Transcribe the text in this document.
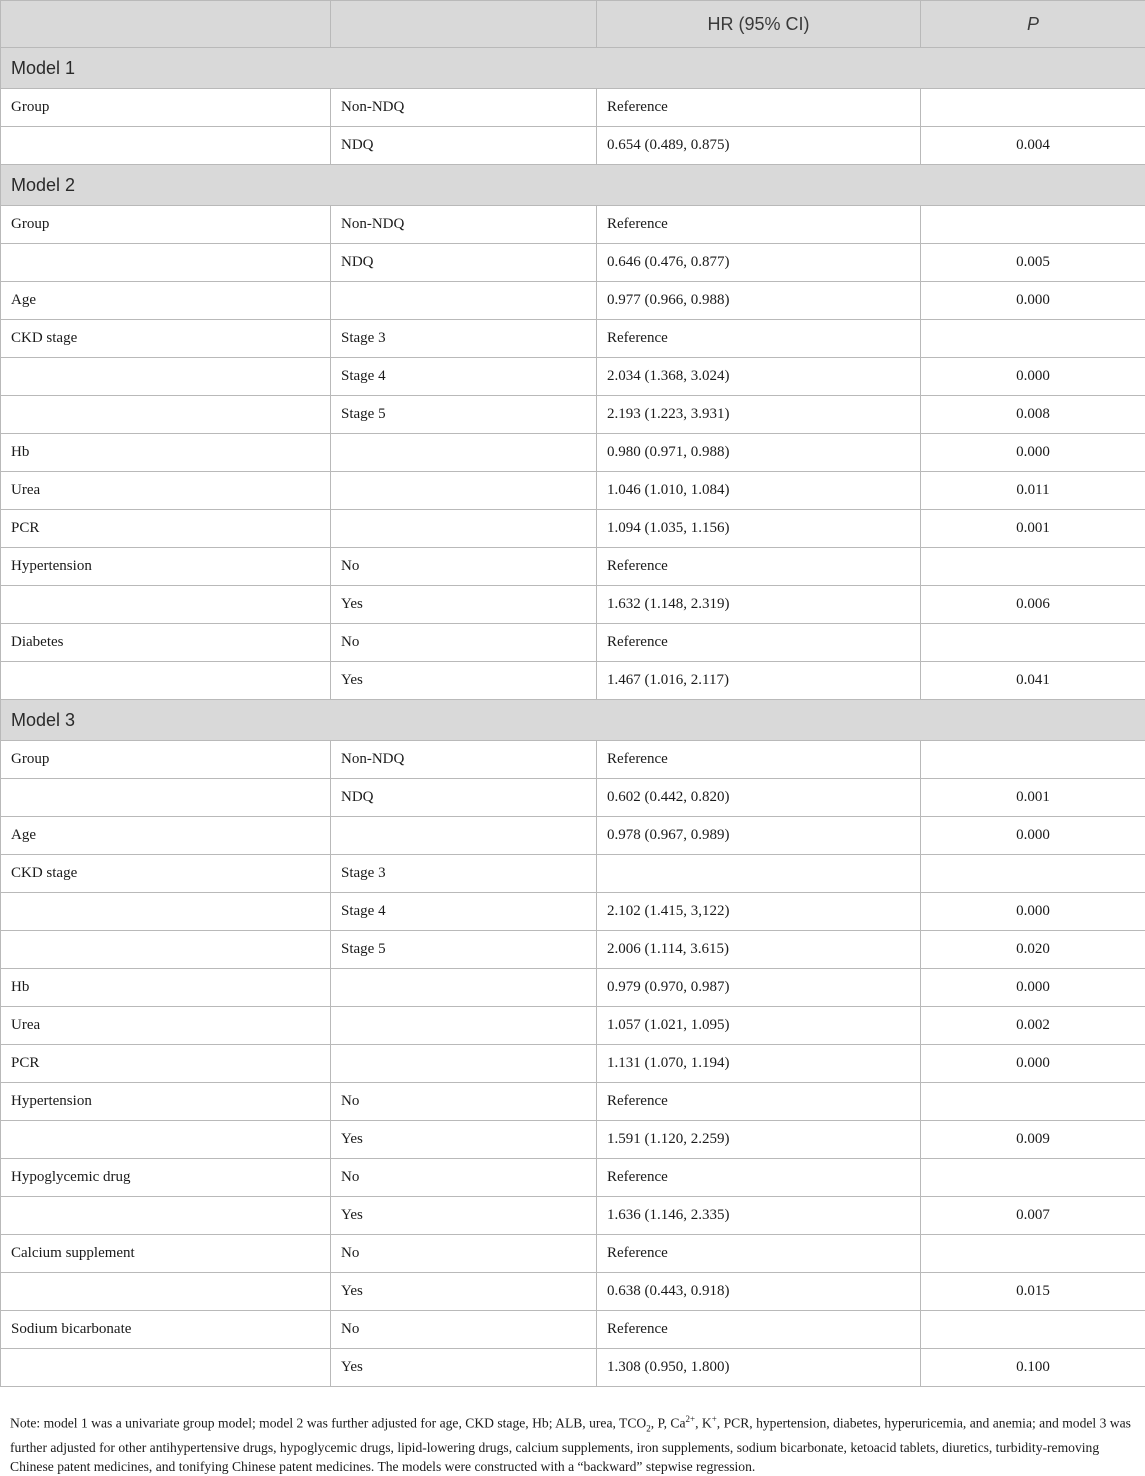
		HR (95% CI)	P
Model 1			
Group	Non-NDQ	Reference	
	NDQ	0.654 (0.489, 0.875)	0.004
Model 2			
Group	Non-NDQ	Reference	
	NDQ	0.646 (0.476, 0.877)	0.005
Age		0.977 (0.966, 0.988)	0.000
CKD stage	Stage 3	Reference	
	Stage 4	2.034 (1.368, 3.024)	0.000
	Stage 5	2.193 (1.223, 3.931)	0.008
Hb		0.980 (0.971, 0.988)	0.000
Urea		1.046 (1.010, 1.084)	0.011
PCR		1.094 (1.035, 1.156)	0.001
Hypertension	No	Reference	
	Yes	1.632 (1.148, 2.319)	0.006
Diabetes	No	Reference	
	Yes	1.467 (1.016, 2.117)	0.041
Model 3			
Group	Non-NDQ	Reference	
	NDQ	0.602 (0.442, 0.820)	0.001
Age		0.978 (0.967, 0.989)	0.000
CKD stage	Stage 3		
	Stage 4	2.102 (1.415, 3,122)	0.000
	Stage 5	2.006 (1.114, 3.615)	0.020
Hb		0.979 (0.970, 0.987)	0.000
Urea		1.057 (1.021, 1.095)	0.002
PCR		1.131 (1.070, 1.194)	0.000
Hypertension	No	Reference	
	Yes	1.591 (1.120, 2.259)	0.009
Hypoglycemic drug	No	Reference	
	Yes	1.636 (1.146, 2.335)	0.007
Calcium supplement	No	Reference	
	Yes	0.638 (0.443, 0.918)	0.015
Sodium bicarbonate	No	Reference	
	Yes	1.308 (0.950, 1.800)	0.100

Note: model 1 was a univariate group model; model 2 was further adjusted for age, CKD stage, Hb; ALB, urea, $TCO_2$, P, $Ca^{2+}$, K+, PCR, hypertension, diabetes, hyperuricemia, and anemia; and model 3 was further adjusted for other antihypertensive drugs, hypoglycemic drugs, lipid-lowering drugs, calcium supplements, iron supplements, sodium bicarbonate, ketoacid tablets, diuretics, turbidity-removing Chinese patent medicines, and tonifying Chinese patent medicines. The models were constructed with a “backward” stepwise regression.
